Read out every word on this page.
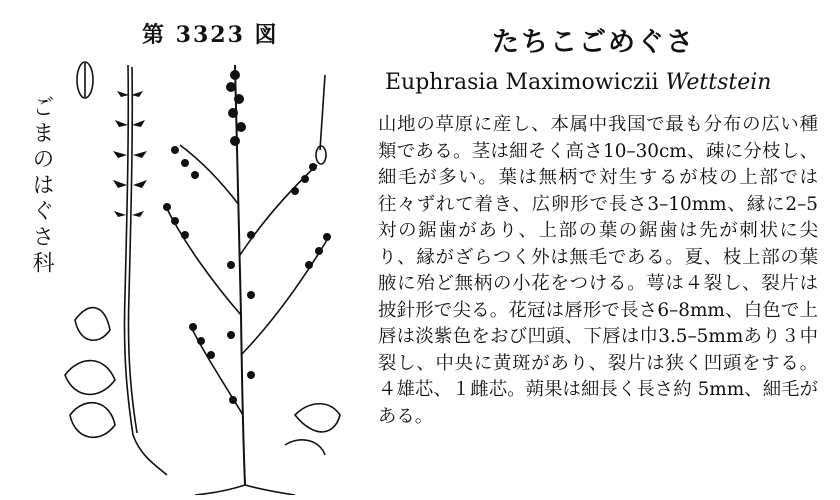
第 3323 図
ごまのはぐさ科
たちこごめぐさ
Euphrasia Maximowiczii Wettstein
山地の草原に産し、本属中我国で最も分布の広い種類である。茎は細そく高さ10–30cm、疎に分枝し、細毛が多い。葉は無柄で対生するが枝の上部では往々ずれて着き、広卵形で長さ3–10mm、縁に2–5対の鋸歯があり、上部の葉の鋸歯は先が刺状に尖り、縁がざらつく外は無毛である。夏、枝上部の葉腋に殆ど無柄の小花をつける。萼は４裂し、裂片は披針形で尖る。花冠は唇形で長さ6–8mm、白色で上唇は淡紫色をおび凹頭、下唇は巾3.5–5mmあり３中裂し、中央に黄斑があり、裂片は狭く凹頭をする。４雄芯、１雌芯。蒴果は細長く長さ約 5mm、細毛がある。
